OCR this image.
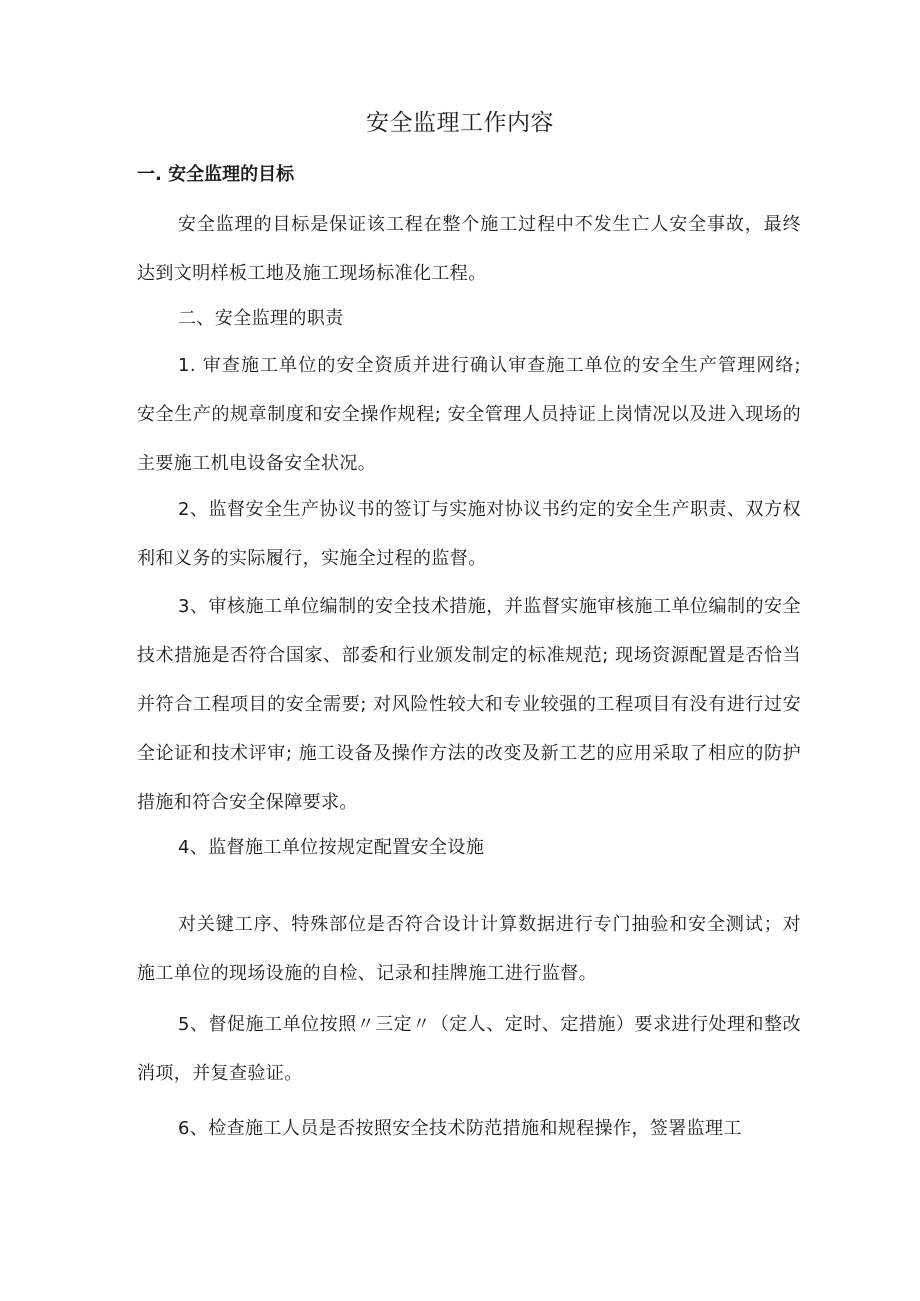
安全监理工作内容
一. 安全监理的目标

安全监理的目标是保证该工程在整个施工过程中不发生亡人安全事故，最终达到文明样板工地及施工现场标准化工程。

二、安全监理的职责

1. 审查施工单位的安全资质并进行确认审查施工单位的安全生产管理网络; 安全生产的规章制度和安全操作规程; 安全管理人员持证上岗情况以及进入现场的主要施工机电设备安全状况。

2、监督安全生产协议书的签订与实施对协议书约定的安全生产职责、双方权利和义务的实际履行，实施全过程的监督。

3、审核施工单位编制的安全技术措施，并监督实施审核施工单位编制的安全技术措施是否符合国家、部委和行业颁发制定的标准规范; 现场资源配置是否恰当并符合工程项目的安全需要; 对风险性较大和专业较强的工程项目有没有进行过安全论证和技术评审; 施工设备及操作方法的改变及新工艺的应用采取了相应的防护措施和符合安全保障要求。

4、监督施工单位按规定配置安全设施

对关键工序、特殊部位是否符合设计计算数据进行专门抽验和安全测试；对施工单位的现场设施的自检、记录和挂牌施工进行监督。

5、督促施工单位按照〃三定〃（定人、定时、定措施）要求进行处理和整改消项，并复查验证。

6、检查施工人员是否按照安全技术防范措施和规程操作，签署监理工
